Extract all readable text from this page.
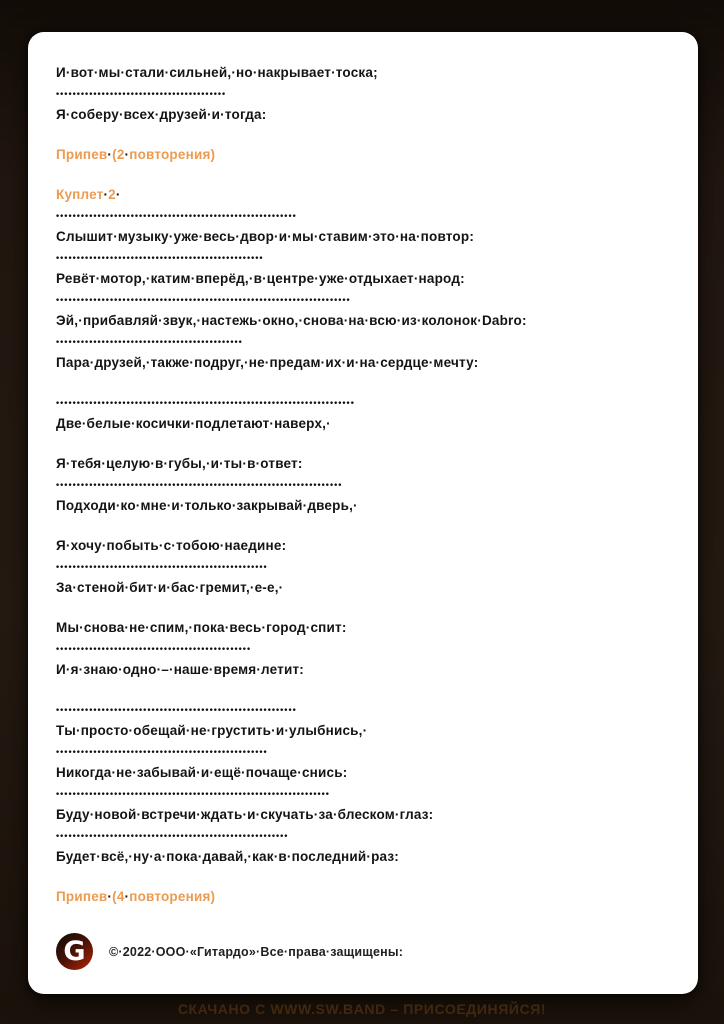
И·вот·мы·стали·сильней,·но·накрывает·тоска;
•••••••••••••••••••••••••••••••••••••••••
Я·соберу·всех·друзей·и·тогда:
Припев·(2·повторения)
Куплет·2·
••••••••••••••••••••••••••••••••••••••••••••••••••••••••••
Слышит·музыку·уже·весь·двор·и·мы·ставим·это·на·повтор:
••••••••••••••••••••••••••••••••••••••••••••••••••
Ревёт·мотор,·катим·вперёд,·в·центре·уже·отдыхает·народ:
•••••••••••••••••••••••••••••••••••••••••••••••••••••••••••••••••••••••
Эй,·прибавляй·звук,·настежь·окно,·снова·на·всю·из·колонок·Dabro:
•••••••••••••••••••••••••••••••••••••••••••••
Пара·друзей,·также·подруг,·не·предам·их·и·на·сердце·мечту:
••••••••••••••••••••••••••••••••••••••••••••••••••••••••••••••••••••••••
Две·белые·косички·подлетают·наверх,·
Я·тебя·целую·в·губы,·и·ты·в·ответ:
•••••••••••••••••••••••••••••••••••••••••••••••••••••••••••••••••••••
Подходи·ко·мне·и·только·закрывай·дверь,·
Я·хочу·побыть·с·тобою·наедине:
•••••••••••••••••••••••••••••••••••••••••••••••••••
За·стеной·бит·и·бас·гремит,·е-е,·
Мы·снова·не·спим,·пока·весь·город·спит:
•••••••••••••••••••••••••••••••••••••••••••••••
И·я·знаю·одно·–·наше·время·летит:
••••••••••••••••••••••••••••••••••••••••••••••••••••••••••
Ты·просто·обещай·не·грустить·и·улыбнись,·
•••••••••••••••••••••••••••••••••••••••••••••••••••
Никогда·не·забывай·и·ещё·почаще·снись:
••••••••••••••••••••••••••••••••••••••••••••••••••••••••••••••••••
Буду·новой·встречи·ждать·и·скучать·за·блеском·глаз:
••••••••••••••••••••••••••••••••••••••••••••••••••••••••
Будет·всё,·ну·а·пока·давай,·как·в·последний·раз:
Припев·(4·повторения)
G	©·2022·ООО·«Гитардо»·Все·права·защищены:
СКАЧАНО С WWW.SW.BAND – ПРИСОЕДИНЯЙСЯ!
